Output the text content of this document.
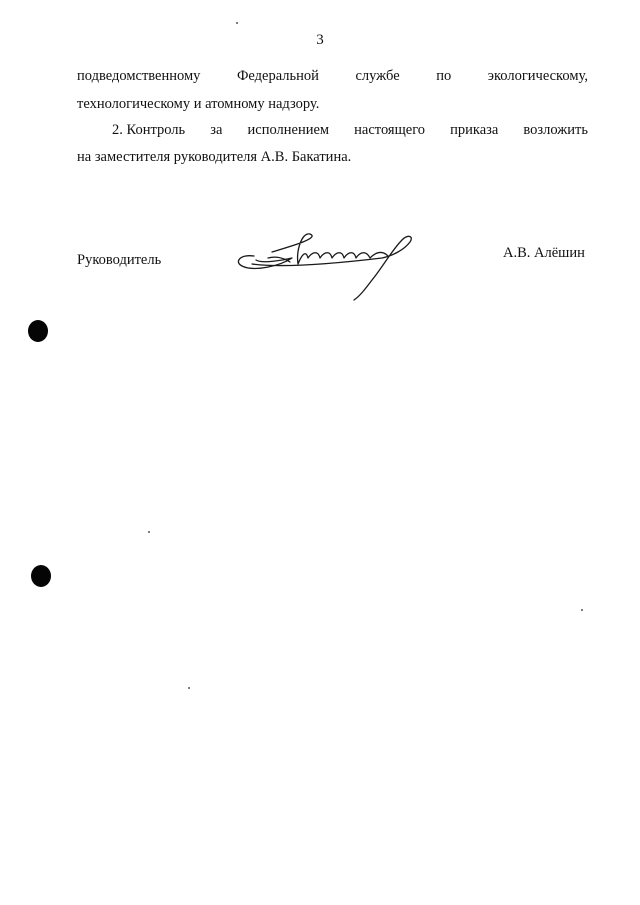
3
подведомственному	Федеральной	службе	по	экологическому,
технологическому и атомному надзору.
2. Контроль за исполнением настоящего приказа возложить
на заместителя руководителя А.В. Бакатина.
Руководитель	А.В. Алёшин
